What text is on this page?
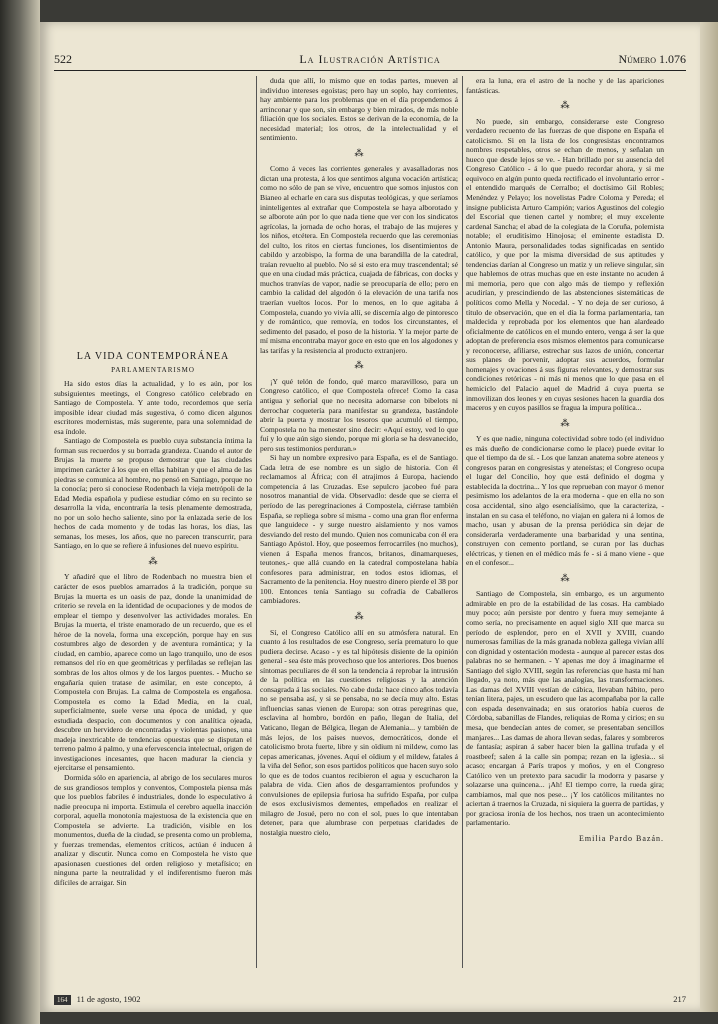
522	La Ilustración Artística	Número 1.076
LA VIDA CONTEMPORÁNEA
PARLAMENTARISMO

Ha sido estos días la actualidad, y lo es aún, por los subsiguientes meetings, el Congreso católico celebrado en Santiago de Compostela. Y ante todo, recordemos que sería imposible idear ciudad más sugestiva, ó como dicen algunos escritores modernistas, más sugerente, para una solemnidad de esa índole.

Santiago de Compostela es pueblo cuya substancia íntima la forman sus recuerdos y su borrada grandeza. Cuando el autor de Brujas la muerte se propuso demostrar que las ciudades imprimen carácter á los que en ellas habitan y que el alma de las piedras se comunica al hombre, no pensó en Santiago, porque no la conocía; pero si conociese Rodenbach la vieja metrópoli de la Edad Media española y pudiese estudiar cómo en su recinto se desarrolla la vida, encontraría la tesis plenamente demostrada, no por un solo hecho saliente, sino por la enlazada serie de los hechos de cada momento y de todas las horas, los días, las semanas, los meses, los años, que no parecen transcurrir, para Santiago, en lo que se refiere á infusiones del nuevo espíritu.

⁂

Y añadiré que el libro de Rodenbach no muestra bien el carácter de esos pueblos amarrados á la tradición, porque su Brujas la muerta es un oasis de paz, donde la unanimidad de criterio se revela en la identidad de ocupaciones y de modos de emplear el tiempo y desenvolver las actividades morales. En Brujas la muerta, el triste enamorado de un recuerdo, que es el héroe de la novela, forma una excepción, porque hay en sus costumbres algo de desorden y de aventura romántica; y la ciudad, en cambio, aparece como un lago tranquilo, uno de esos remansos del río en que geométricas y perfiladas se reflejan las sombras de los altos olmos y de los largos puentes. - Mucho se engañaría quien tratase de asimilar, en este concepto, á Compostela con Brujas. La calma de Compostela es engañosa. Compostela es como la Edad Media, en la cual, superficialmente, suele verse una época de unidad, y que estudiada despacio, con documentos y con analítica ojeada, descubre un hervidero de encontradas y violentas pasiones, una madeja inextricable de tendencias opuestas que se disputan el terreno palmo á palmo, y una efervescencia intelectual, origen de investigaciones incesantes, que hacen madurar la ciencia y ejercitarse el pensamiento.

Dormida sólo en apariencia, al abrigo de los seculares muros de sus grandiosos templos y conventos, Compostela piensa más que los pueblos fabriles é industriales, donde lo especulativo á nadie preocupa ni importa. Estimula el cerebro aquella inacción corporal, aquella monotonía majestuosa de la existencia que en Compostela se advierte. La tradición, visible en los monumentos, dueña de la ciudad, se presenta como un problema, y fuerzas tremendas, elementos críticos, actúan é inducen á analizar y discutir. Nunca como en Compostela he visto que apasionasen cuestiones del orden religioso y metafísico; en ninguna parte la neutralidad y el indiferentismo fueron más difíciles de arraigar. Sin

duda que allí, lo mismo que en todas partes, mueven al individuo intereses egoístas; pero hay un soplo, hay corrientes, hay ambiente para los problemas que en el día propendemos á arrinconar y que son, sin embargo y bien mirados, de más noble filiación que los sociales. Estos se derivan de la economía, de la necesidad material; los otros, de la intelectualidad y el sentimiento.

⁂

Como á veces las corrientes generales y avasalladoras nos dictan una protesta, á los que sentimos alguna vocación artística; como no sólo de pan se vive, encuentro que somos injustos con Bianeo al echarle en cara sus disputas teológicas, y que seríamos ininteligentes al extrañar que Compostela se haya alborotado y se alborote aún por lo que nada tiene que ver con los sindicatos agrícolas, la jornada de ocho horas, el trabajo de las mujeres y los niños, etcétera. En Compostela recuerdo que las ceremonias del culto, los ritos en ciertas funciones, los disentimientos de cabildo y arzobispo, la forma de una barandilla de la catedral, traían revuelto al pueblo. No sé si esto era muy trascendental; sé que en una ciudad más práctica, cuajada de fábricas, con docks y muchos tranvías de vapor, nadie se preocuparía de ello; pero en cambio la calidad del algodón ó la elevación de una tarifa nos traerían vueltos locos. Por lo menos, en lo que agitaba á Compostela, cuando yo vivía allí, se discernía algo de pintoresco y de romántico, que removía, en todos los circunstantes, el sedimento del pasado, el poso de la historia. Y la mejor parte de mí misma encontraba mayor goce en esto que en los algodones y las tarifas y la resistencia al producto extranjero.

⁂

¡Y qué telón de fondo, qué marco maravilloso, para un Congreso católico, el que Compostela ofrece! Como la casa antigua y señorial que no necesita adornarse con bibelots ni derrochar coquetería para manifestar su grandeza, bastándole abrir la puerta y mostrar los tesoros que acumuló el tiempo, Compostela no ha menester sino decir: «Aquí estoy, ved lo que fuí y lo que aún sigo siendo, porque mi gloria se ha desvanecido, pero sus testimonios perduran.»

Si hay un nombre expresivo para España, es el de Santiago. Cada letra de ese nombre es un siglo de historia. Con él reclamamos al África; con él atrajimos á Europa, haciendo competencia á las Cruzadas. Ese sepulcro jacobeo fué para nosotros manantial de vida. Observadlo: desde que se cierra el período de las peregrinaciones á Compostela, ciérrase también España, se repliega sobre sí misma - como una gran flor enferma que languidece - y surge nuestro aislamiento y nos vamos desviando del resto del mundo. Quien nos comunicaba con él era Santiago Apóstol. Hoy, que poseemos ferrocarriles (no muchos), vienen á España menos francos, britanos, dinamarqueses, teutones,- que allá cuando en la catedral compostelana había confesores para administrar, en todos estos idiomas, el Sacramento de la penitencia. Hoy nuestro dinero pierde el 38 por 100. Entonces tenía Santiago su cofradía de Caballeros cambiadores.

⁂

Sí, el Congreso Católico allí en su atmósfera natural. En cuanto á los resultados de ese Congreso, sería prematuro lo que pudiera decirse. Acaso - y es tal hipótesis disiente de la opinión general - sea éste más provechoso que los anteriores. Dos buenos síntomas peculiares de él son la tendencia á reprobar la intrusión de la política en las cuestiones religiosas y la atención consagrada á las sociales. No cabe duda: hace cinco años todavía no se pensaba así, y si se pensaba, no se decía muy alto. Estas influencias sanas vienen de Europa: son otras peregrinas que, esclavina al hombro, bordón en paño, llegan de Italia, del Vaticano, llegan de Bélgica, llegan de Alemania... y también de más lejos, de los países nuevos, democráticos, donde el catolicismo brota fuerte, libre y sin oïdium ni mildew, como las cepas americanas, jóvenes. Aquí el oïdium y el mildew, fatales á la viña del Señor, son esos partidos políticos que hacen suyo solo lo que es de todos cuantos recibieron el agua y escucharon la palabra de vida. Cien años de desgarramientos profundos y convulsiones de epilepsia furiosa ha sufrido España, por culpa de esos exclusivismos dementes, empeñados en realizar el milagro de Josué, pero no con el sol, pues lo que intentaban detener, para que alumbrase con perpetuas claridades de nostalgia nuestro cielo,

era la luna, era el astro de la noche y de las apariciones fantásticas.

⁂

No puede, sin embargo, considerarse este Congreso verdadero recuento de las fuerzas de que dispone en España el catolicismo. Si en la lista de los congresistas encontramos nombres respetables, otros se echan de menos, y señalan un hueco que desde lejos se ve. - Han brillado por su ausencia del Congreso Católico - á lo que puedo recordar ahora, y si me equivoco en algún punto queda rectificado el involuntario error - el entendido marqués de Cerralbo; el doctísimo Gil Robles; Menéndez y Pelayo; los novelistas Padre Coloma y Pereda; el insigne publicista Arturo Campión; varios Agustinos del colegio del Escorial que tienen cartel y nombre; el muy excelente cardenal Sancha; el abad de la colegiata de la Coruña, polemista notable; el eruditísimo Hinojosa; el eminente estadista D. Antonio Maura, personalidades todas significadas en sentido católico, y que por la misma diversidad de sus aptitudes y tendencias darían al Congreso un matiz y un relieve singular, sin que hablemos de otras muchas que en este instante no acuden á mi memoria, pero que con algo más de tiempo y reflexión acudirían, y prescindiendo de las abstenciones sistemáticas de políticos como Mella y Nocedal. - Y no deja de ser curioso, á título de observación, que en el día la forma parlamentaria, tan maldecida y reprobada por los elementos que han alardeado oficialmente de católicos en el mundo entero, venga á ser la que adoptan de preferencia esos mismos elementos para comunicarse y reconocerse, afiliarse, estrechar sus lazos de unión, concertar sus planes de porvenir, adoptar sus acuerdos, formular homenajes y ovaciones á sus figuras relevantes, y demostrar sus condiciones retóricas - ni más ni menos que lo que pasa en el hemiciclo del Palacio aquel de Madrid á cuya puerta se inmovilizan dos leones y en cuyas sesiones hacen la guardia dos maceros y en cuyos pasillos se fragua la impura política...

⁂

Y es que nadie, ninguna colectividad sobre todo (el individuo es más dueño de condicionarse como le place) puede evitar lo que el tiempo da de sí. - Los que lanzan anatema sobre ateneos y congresos paran en congresistas y ateneístas; el Congreso ocupa el lugar del Concilio, hoy que está definido el dogma y establecida la doctrina... Y los que reprueban con mayor ó menor pesimismo los adelantos de la era moderna - que en ella no son cosa accidental, sino algo esencialísimo, que la caracteriza, - instalan en su casa el teléfono, no viajan en galera ni á lomos de macho, usan y abusan de la prensa periódica sin dejar de considerarla verdaderamente una barbaridad y una sentina, construyen con cemento portland, se curan por las duchas eléctricas, y tienen en el médico más fe - si á mano viene - que en el confesor...

⁂

Santiago de Compostela, sin embargo, es un argumento admirable en pro de la estabilidad de las cosas. Ha cambiado muy poco; aún persiste por dentro y fuera muy semejante á como sería, no precisamente en aquel siglo XII que marca su período de esplendor, pero en el XVII y XVIII, cuando numerosas familias de la más granada nobleza gallega vivían allí con dignidad y ostentación modesta - aunque al parecer estas dos palabras no se hermanen. - Y apenas me doy á imaginarme el Santiago del siglo XVIII, según las referencias que hasta mí han llegado, ya noto, más que las analogías, las transformaciones. Las damas del XVIII vestían de cábica, llevaban hábito, pero tenían litera, pajes, un escudero que las acompañaba por la calle con espada desenvainada; en sus oratorios había cueros de Córdoba, sabanillas de Flandes, reliquias de Roma y cirios; en su mesa, que bendecían antes de comer, se presentaban sencillos manjares... Las damas de ahora llevan sedas, falares y sombreros de fantasía; aspiran á saber hacer bien la gallina trufada y el roastbeef; salen á la calle sin pompa; rezan en la iglesia... si acaso; encargan á París trapos y moños, y en el Congreso Católico ven un pretexto para sacudir la modorra y pasarse y solazarse una quincena... ¡Ah! El tiempo corre, la rueda gira; cambiamos, mal que nos pese... ¡Y los católicos militantes no aciertan á traernos la Cruzada, ni siquiera la guerra de partidas, y por graciosa ironía de los hechos, nos traen un acontecimiento parlamentario.

Emilia Pardo Bazán.
164 11 de agosto, 1902	217
